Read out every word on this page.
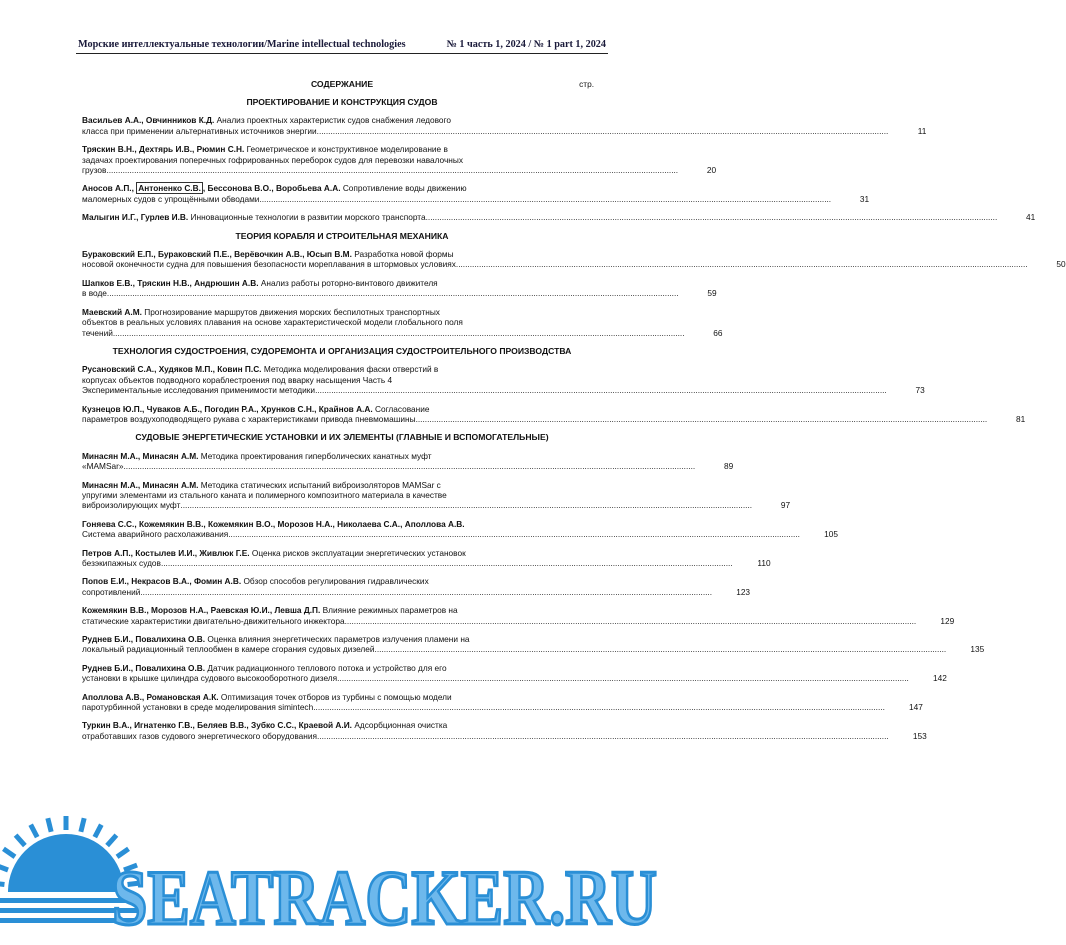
Морские интеллектуальные технологии/Marine intellectual technologies	№ 1 часть 1, 2024 / № 1 part 1, 2024
СОДЕРЖАНИЕ	стр.
ПРОЕКТИРОВАНИЕ И КОНСТРУКЦИЯ СУДОВ
Васильев А.А., Овчинников К.Д. Анализ проектных характеристик судов снабжения ледового
класса при применении альтернативных источников энергии .....	11
Тряскин В.Н., Дехтярь И.В., Рюмин С.Н. Геометрическое и конструктивное моделирование в
задачах проектирования поперечных гофрированных переборок судов для перевозки навалочных
грузов .....	20
Аносов А.П., Антоненко С.В. , Бессонова В.О., Воробьева А.А. Сопротивление воды движению
маломерных судов с упрощёнными обводами .....	31
Малыгин И.Г., Гурлев И.В. Инновационные технологии в развитии морского транспорта .....	41
ТЕОРИЯ КОРАБЛЯ И СТРОИТЕЛЬНАЯ МЕХАНИКА
Бураковский Е.П., Бураковский П.Е., Верёвочкин А.В., Юсып В.М. Разработка новой формы
носовой оконечности судна для повышения безопасности мореплавания в штормовых условиях .....	50
Шапков Е.В., Тряскин Н.В., Андрюшин А.В. Анализ работы роторно-винтового движителя
в воде .....	59
Маевский А.М. Прогнозирование маршрутов движения морских беспилотных транспортных
объектов в реальных условиях плавания на основе характеристической модели глобального поля
течений .....	66
ТЕХНОЛОГИЯ СУДОСТРОЕНИЯ, СУДОРЕМОНТА И ОРГАНИЗАЦИЯ СУДОСТРОИТЕЛЬНОГО ПРОИЗВОДСТВА
Русановский С.А., Худяков М.П., Ковин П.С. Методика моделирования фаски отверстий в
корпусах объектов подводного кораблестроения под вварку насыщения Часть 4
Экспериментальные исследования применимости методики .....	73
Кузнецов Ю.П., Чуваков А.Б., Погодин Р.А., Хрунков С.Н., Крайнов А.А. Согласование
параметров воздухоподводящего рукава с характеристиками привода пневмомашины .....	81
СУДОВЫЕ ЭНЕРГЕТИЧЕСКИЕ УСТАНОВКИ И ИХ ЭЛЕМЕНТЫ (ГЛАВНЫЕ И ВСПОМОГАТЕЛЬНЫЕ)
Минасян М.А., Минасян А.М. Методика проектирования гиперболических канатных муфт
«MAMSar» .....	89
Минасян М.А., Минасян А.М. Методика статических испытаний виброизоляторов MAMSar с
упругими элементами из стального каната и полимерного композитного материала в качестве
виброизолирующих муфт .....	97
Гоняева С.С., Кожемякин В.В., Кожемякин В.О., Морозов Н.А., Николаева С.А., Аполлова А.В.
Система аварийного расхолаживания .....	105
Петров А.П., Костылев И.И., Живлюк Г.Е. Оценка рисков эксплуатации энергетических установок
безэкипажных судов .....	110
Попов Е.И., Некрасов В.А., Фомин А.В. Обзор способов регулирования гидравлических
сопротивлений .....	123
Кожемякин В.В., Морозов Н.А., Раевская Ю.И., Левша Д.П. Влияние режимных параметров на
статические характеристики двигательно-движительного инжектора .....	129
Руднев Б.И., Повалихина О.В. Оценка влияния энергетических параметров излучения пламени на
локальный радиационный теплообмен в камере сгорания судовых дизелей .....	135
Руднев Б.И., Повалихина О.В. Датчик радиационного теплового потока и устройство для его
установки в крышке цилиндра судового высокооборотного дизеля .....	142
Аполлова А.В., Романовская А.К. Оптимизация точек отборов из турбины с помощью модели
паротурбинной установки в среде моделирования simintech .....	147
Туркин В.А., Игнатенко Г.В., Беляев В.В., Зубко С.С., Краевой А.И. Адсорбционная очистка
отработавших газов судового энергетического оборудования .....	153
SEATRACKER.RU
